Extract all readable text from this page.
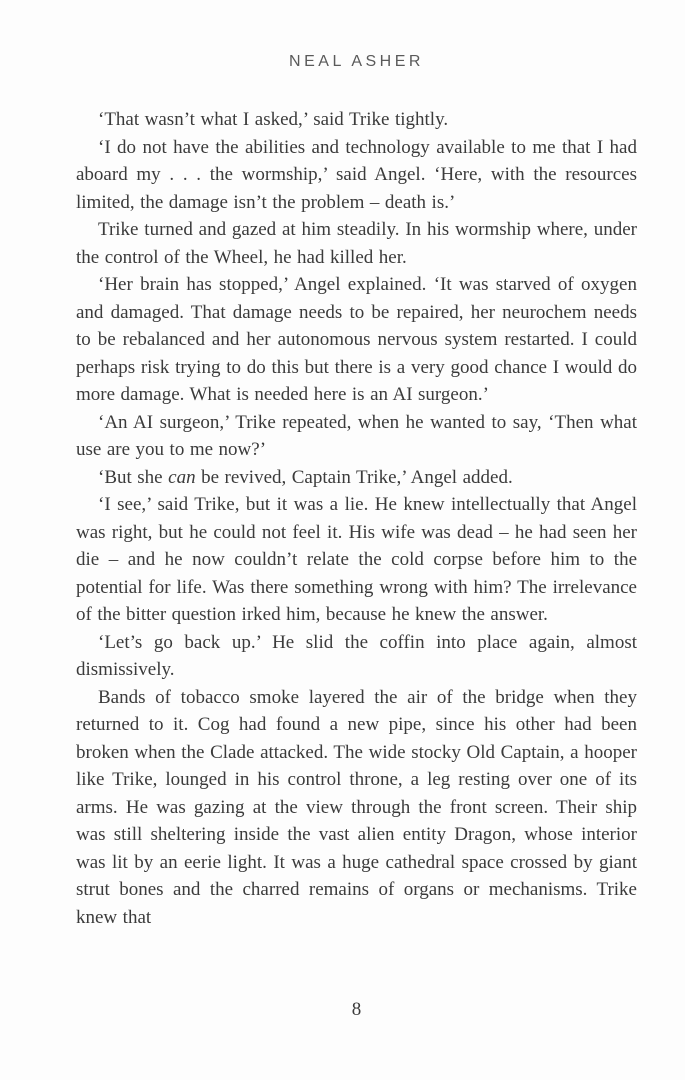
NEAL ASHER

‘That wasn’t what I asked,’ said Trike tightly.

‘I do not have the abilities and technology available to me that I had aboard my . . . the wormship,’ said Angel. ‘Here, with the resources limited, the damage isn’t the problem – death is.’

Trike turned and gazed at him steadily. In his wormship where, under the control of the Wheel, he had killed her.

‘Her brain has stopped,’ Angel explained. ‘It was starved of oxygen and damaged. That damage needs to be repaired, her neurochem needs to be rebalanced and her autonomous nervous system restarted. I could perhaps risk trying to do this but there is a very good chance I would do more damage. What is needed here is an AI surgeon.’

‘An AI surgeon,’ Trike repeated, when he wanted to say, ‘Then what use are you to me now?’

‘But she can be revived, Captain Trike,’ Angel added.

‘I see,’ said Trike, but it was a lie. He knew intellectually that Angel was right, but he could not feel it. His wife was dead – he had seen her die – and he now couldn’t relate the cold corpse before him to the potential for life. Was there something wrong with him? The irrelevance of the bitter question irked him, because he knew the answer.

‘Let’s go back up.’ He slid the coffin into place again, almost dismissively.

Bands of tobacco smoke layered the air of the bridge when they returned to it. Cog had found a new pipe, since his other had been broken when the Clade attacked. The wide stocky Old Captain, a hooper like Trike, lounged in his control throne, a leg resting over one of its arms. He was gazing at the view through the front screen. Their ship was still sheltering inside the vast alien entity Dragon, whose interior was lit by an eerie light. It was a huge cathedral space crossed by giant strut bones and the charred remains of organs or mechanisms. Trike knew that

8
